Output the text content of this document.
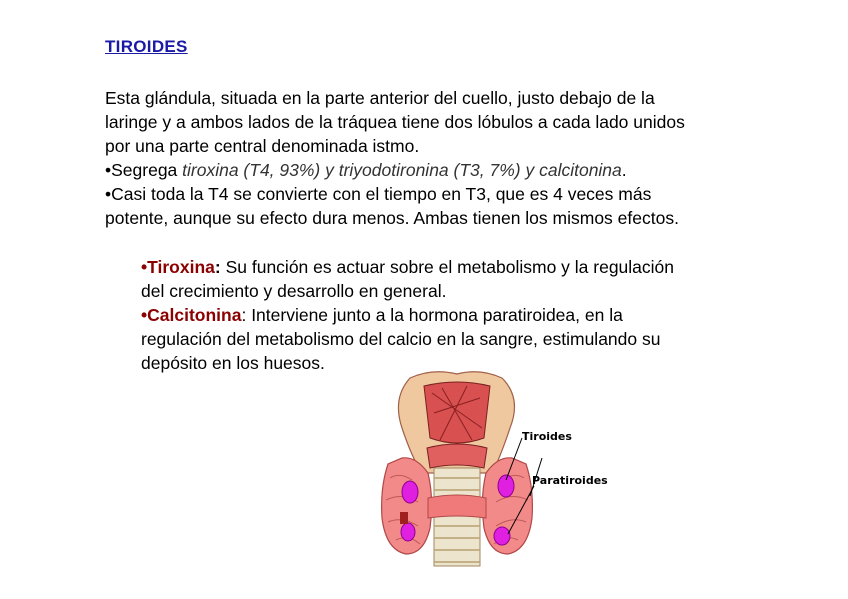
TIROIDES

Esta glándula, situada en la parte anterior del cuello, justo debajo de la

laringe y a ambos lados de la tráquea tiene dos lóbulos a cada lado unidos

por una parte central denominada istmo.

•Segrega tiroxina (T4, 93%) y triyodotironina (T3, 7%) y calcitonina.

•Casi toda la T4 se convierte con el tiempo en T3, que es 4 veces más

potente, aunque su efecto dura menos. Ambas tienen los mismos efectos.

•Tiroxina: Su función es actuar sobre el metabolismo y la regulación

del crecimiento y desarrollo en general.

•Calcitonina: Interviene junto a la hormona paratiroidea, en la

regulación del metabolismo del calcio en la sangre, estimulando su

depósito en los huesos.

Tiroides
Paratiroides
